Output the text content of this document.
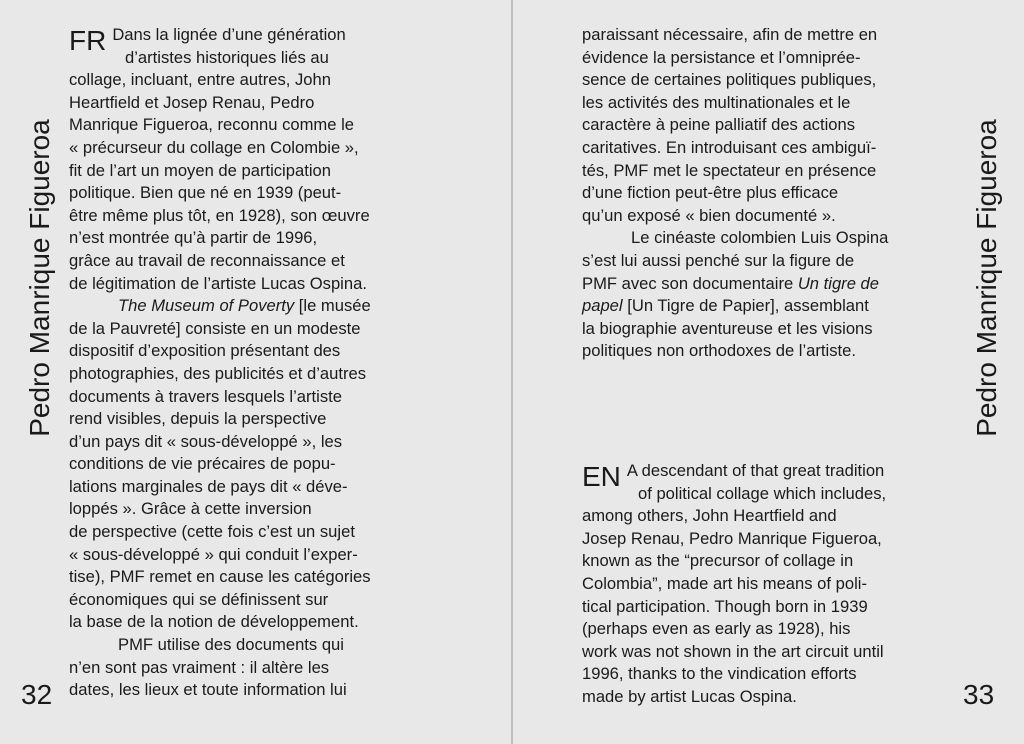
Pedro Manrique Figueroa
FR Dans la lignée d’une génération

d’artistes historiques liés au

collage, incluant, entre autres, John

Heartfield et Josep Renau, Pedro

Manrique Figueroa, reconnu comme le

« précurseur du collage en Colombie »,

fit de l’art un moyen de participation

politique. Bien que né en 1939 (peut-

être même plus tôt, en 1928), son œuvre

n’est montrée qu’à partir de 1996,

grâce au travail de reconnaissance et

de légitimation de l’artiste Lucas Ospina.

The Museum of Poverty [le musée

de la Pauvreté] consiste en un modeste

dispositif d’exposition présentant des

photographies, des publicités et d’autres

documents à travers lesquels l’artiste

rend visibles, depuis la perspective

d’un pays dit « sous-développé », les

conditions de vie précaires de popu-

lations marginales de pays dit « déve-

loppés ». Grâce à cette inversion

de perspective (cette fois c’est un sujet

« sous-développé » qui conduit l’exper-

tise), PMF remet en cause les catégories

économiques qui se définissent sur

la base de la notion de développement.

PMF utilise des documents qui

n’en sont pas vraiment : il altère les

dates, les lieux et toute information lui

32

paraissant nécessaire, afin de mettre en

évidence la persistance et l’omniprée-

sence de certaines politiques publiques,

les activités des multinationales et le

caractère à peine palliatif des actions

caritatives. En introduisant ces ambiguï-

tés, PMF met le spectateur en présence

d’une fiction peut-être plus efficace

qu’un exposé « bien documenté ».

Le cinéaste colombien Luis Ospina

s’est lui aussi penché sur la figure de

PMF avec son documentaire Un tigre de

papel [Un Tigre de Papier], assemblant

la biographie aventureuse et les visions

politiques non orthodoxes de l’artiste.

EN A descendant of that great tradition

of political collage which includes,

among others, John Heartfield and

Josep Renau, Pedro Manrique Figueroa,

known as the “precursor of collage in

Colombia”, made art his means of poli-

tical participation. Though born in 1939

(perhaps even as early as 1928), his

work was not shown in the art circuit until

1996, thanks to the vindication efforts

made by artist Lucas Ospina.

Pedro Manrique Figueroa
33
